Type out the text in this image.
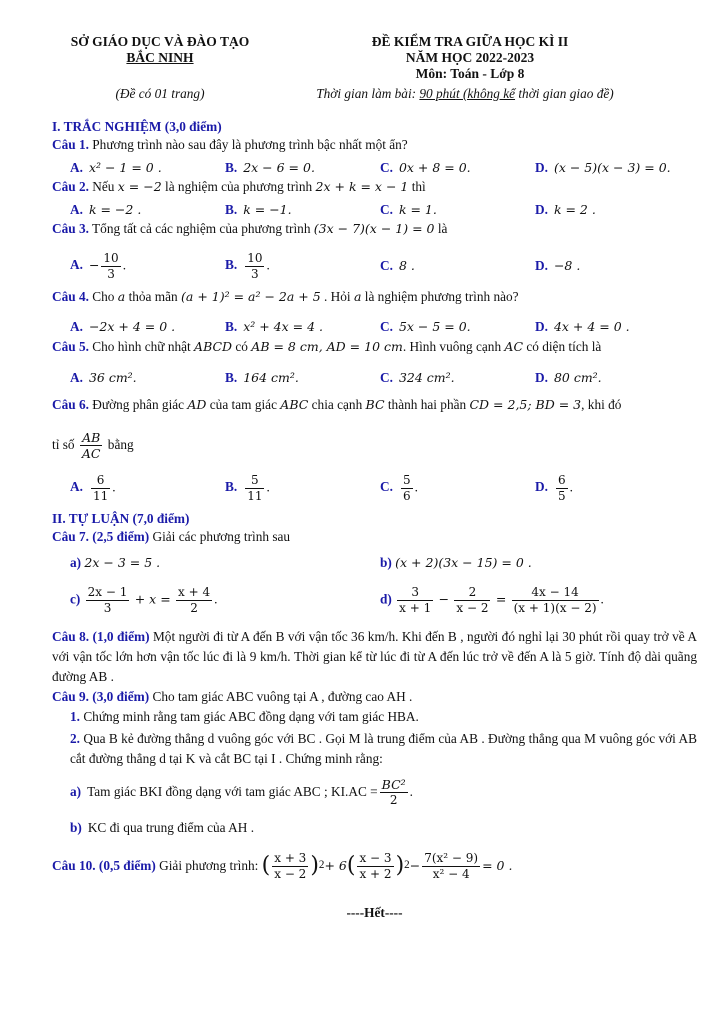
SỞ GIÁO DỤC VÀ ĐÀO TẠO
BẮC NINH
ĐỀ KIỂM TRA GIỮA HỌC KÌ II
NĂM HỌC 2022-2023
Môn: Toán - Lớp 8
(Đề có 01 trang)	Thời gian làm bài: 90 phút (không kể thời gian giao đề)
I. TRẮC NGHIỆM (3,0 điểm)
Câu 1. Phương trình nào sau đây là phương trình bậc nhất một ẩn?
A. x² − 1 = 0 .	B. 2x − 6 = 0.	C. 0x + 8 = 0.	D. (x − 5)(x − 3) = 0.
Câu 2. Nếu x = −2 là nghiệm của phương trình 2x + k = x − 1 thì
A. k = −2 .	B. k = −1.	C. k = 1.	D. k = 2 .
Câu 3. Tổng tất cả các nghiệm của phương trình (3x − 7)(x − 1) = 0 là
A. − $\frac{10}{3}$ .	B. $\frac{10}{3}$ .	C. 8 .	D. −8 .
Câu 4. Cho a thỏa mãn (a + 1)² = a² − 2a + 5 . Hỏi a là nghiệm phương trình nào?
A. −2x + 4 = 0 .	B. x² + 4x = 4 .	C. 5x − 5 = 0.	D. 4x + 4 = 0 .
Câu 5. Cho hình chữ nhật ABCD có AB = 8 cm, AD = 10 cm. Hình vuông cạnh AC có diện tích là
A. 36 cm².	B. 164 cm².	C. 324 cm².	D. 80 cm².
Câu 6. Đường phân giác AD của tam giác ABC chia cạnh BC thành hai phần CD = 2,5; BD = 3, khi đó
tỉ số
$\frac{AB}{AC}$
bằng
A. $\frac{6}{11}$ .	B. $\frac{5}{11}$ .	C. $\frac{5}{6}$ .	D. $\frac{6}{5}$ .
II. TỰ LUẬN (7,0 điểm)
Câu 7. (2,5 điểm) Giải các phương trình sau
a) 2x − 3 = 5 .	b) (x + 2)(3x − 15) = 0 .
$c) \frac{2x - 1}{3} + x = \frac{x + 4}{2}$ .	$d) \frac{3}{x + 1} - \frac{2}{x - 2} = \frac{4x - 14}{(x + 1)(x - 2)}$ .
Câu 8. (1,0 điểm) Một người đi từ A đến B với vận tốc 36 km/h. Khi đến B , người đó nghỉ lại 30 phút rồi quay trở về A với vận tốc lớn hơn vận tốc lúc đi là 9 km/h. Thời gian kể từ lúc đi từ A đến lúc trở về đến A là 5 giờ. Tính độ dài quãng đường AB .
Câu 9. (3,0 điểm) Cho tam giác ABC vuông tại A , đường cao AH .
1. Chứng minh rằng tam giác ABC đồng dạng với tam giác HBA.
2. Qua B kẻ đường thẳng d vuông góc với BC . Gọi M là trung điểm của AB . Đường thẳng qua M vuông góc với AB cắt đường thẳng d tại K và cắt BC tại I . Chứng minh rằng:
a) Tam giác BKI đồng dạng với tam giác ABC ; $KI.AC = \frac{\text{BC²}}{2}$ .
b) KC đi qua trung điểm của AH .
Câu 10.
(0,5 điểm)
Giải phương trình:
( $\frac{x + 3}{x - 2}$ ) 2 + 6 ( $\frac{x - 3}{x + 2}$ ) $2 - \frac{\text{7(x² − 9)}}{\text{x² − 4}} = 0$ .
----Hết----
